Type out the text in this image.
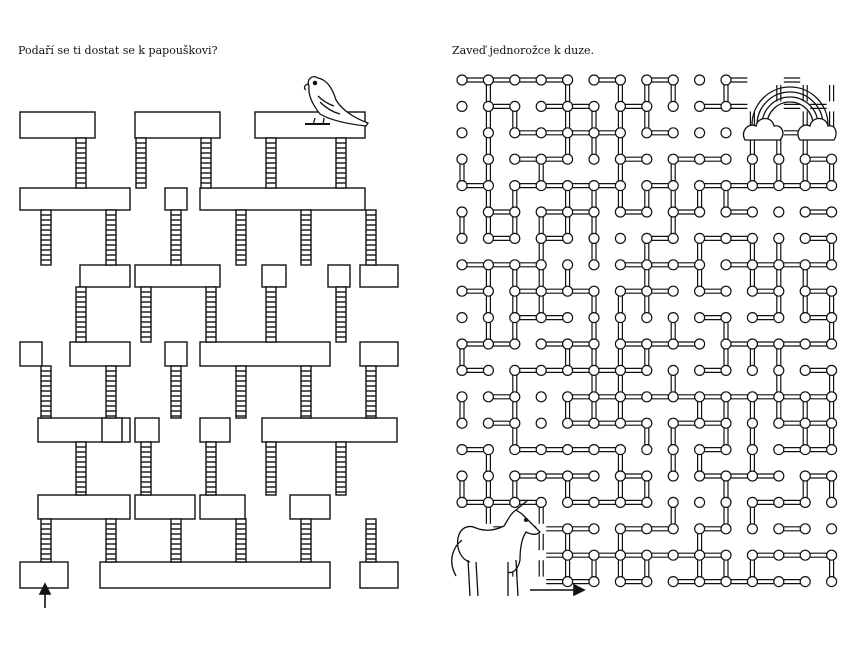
Podaří se ti dostat se k papouškovi?	Zaveď jednorožce k duze.
